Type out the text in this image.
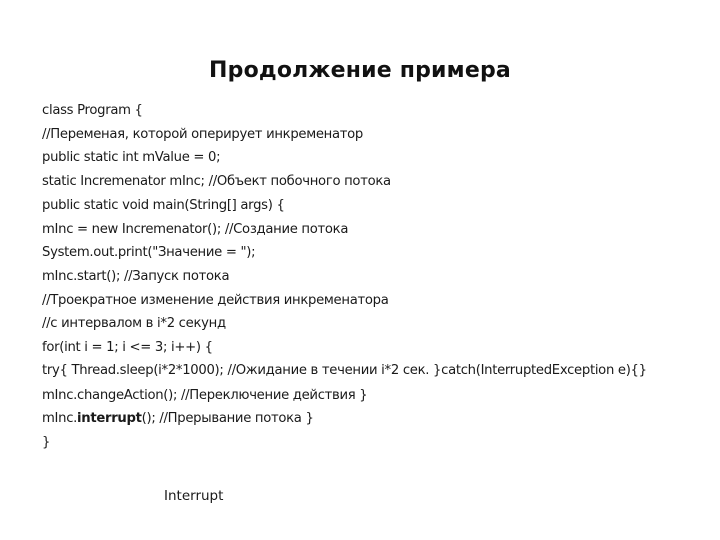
Продолжение примера
class Program {
//Переменая, которой оперирует инкременатор
public static int mValue = 0;
static Incremenator mInc; //Объект побочного потока
public static void main(String[] args) {
mInc = new Incremenator(); //Создание потока
System.out.print("Значение = ");
mInc.start(); //Запуск потока
//Троекратное изменение действия инкременатора
//с интервалом в i*2 секунд
for(int i = 1; i <= 3; i++) {
try{ Thread.sleep(i*2*1000); //Ожидание в течении i*2 сек. }catch(InterruptedException e){}
mInc.changeAction(); //Переключение действия }
mInc.interrupt(); //Прерывание потока }
}
Interrupt
